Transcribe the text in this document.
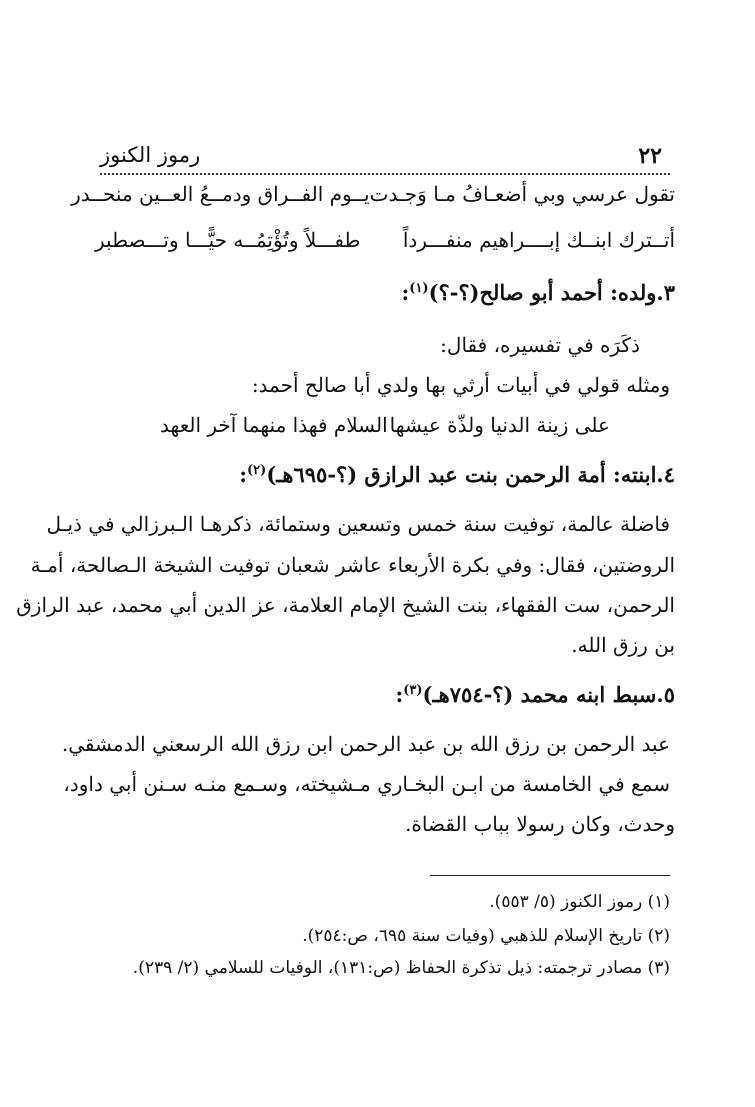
٢٢
رموز الكنوز
تقول عرسي وبي أضعـافُ مـا وَجـدت
يــوم الفــراق ودمــعُ العــين منحــدر
أتــترك ابنــك إبــــراهيم منفـــرداً
طفـــلاً وتُؤْتِمُــه حيًّـــا وتـــصطبر
٣.ولده: أحمد أبو صالح(؟-؟)$^{(١)}$:
ذكَرَه في تفسيره، فقال:
ومثله قولي في أبيات أرثي بها ولدي أبا صالح أحمد:
على زينة الدنيا ولذّة عيشها
السلام فهذا منهما آخر العهد
٤.ابنته: أمة الرحمن بنت عبد الرازق (؟-٦٩٥هـ)$^{(٢)}$:
فاضلة عالمة، توفيت سنة خمس وتسعين وستمائة، ذكرهـا الـبرزالي في ذيـل
الروضتين، فقال: وفي بكرة الأربعاء عاشر شعبان توفيت الشيخة الـصالحة، أمـة
الرحمن، ست الفقهاء، بنت الشيخ الإمام العلامة، عز الدين أبي محمد، عبد الرازق
بن رزق الله.
٥.سبط ابنه محمد (؟-٧٥٤هـ)$^{(٣)}$:
عبد الرحمن بن رزق الله بن عبد الرحمن ابن رزق الله الرسعني الدمشقي.
سمع في الخامسة من ابـن البخـاري مـشيخته، وسـمع منـه سـنن أبي داود،
وحدث، وكان رسولا بباب القضاة.
(١) رموز الكنوز (٥/ ٥٥٣).
(٢) تاريخ الإسلام للذهبي (وفيات سنة ٦٩٥، ص:٢٥٤).
(٣) مصادر ترجمته: ذيل تذكرة الحفاظ (ص:١٣١)، الوفيات للسلامي (٢/ ٢٣٩).
